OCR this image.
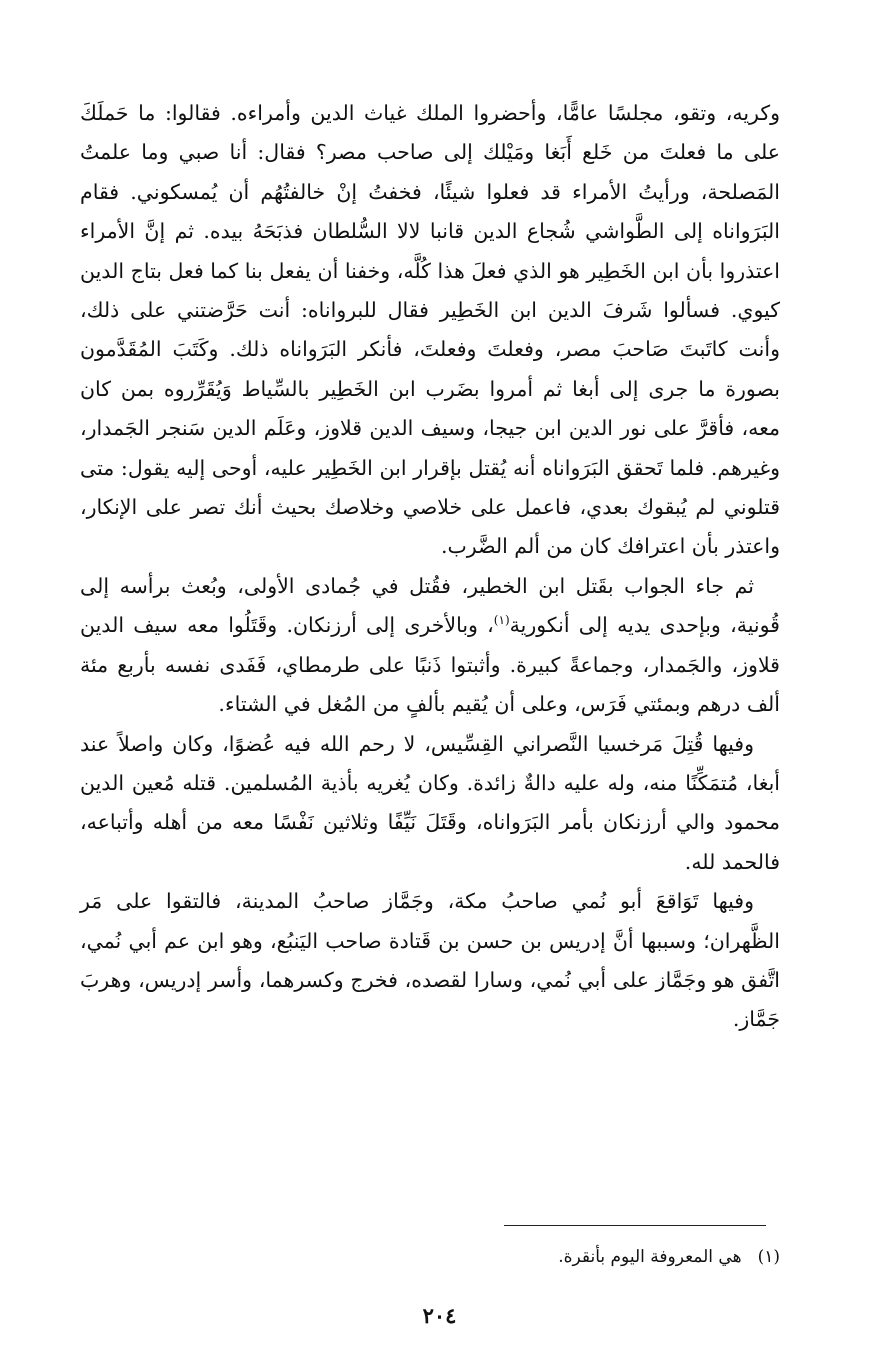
وكريه، وتقو، مجلسًا عامًّا، وأحضروا الملك غياث الدين وأمراءه. فقالوا: ما حَملَكَ على ما فعلتَ من خَلع أَبَغا ومَيْلك إلى صاحب مصر؟ فقال: أنا صبي وما علمتُ المَصلحة، ورأيتُ الأمراء قد فعلوا شيئًا، فخفتُ إنْ خالفتُهُم أن يُمسكوني. فقام البَرَواناه إلى الطَّواشي شُجاع الدين قانبا لالا السُّلطان فذبَحَهُ بيده. ثم إنَّ الأمراء اعتذروا بأن ابن الخَطِير هو الذي فعلَ هذا كُلَّه، وخفنا أن يفعل بنا كما فعل بتاج الدين كيوي. فسألوا شَرفَ الدين ابن الخَطِير فقال للبرواناه: أنت حَرَّضتني على ذلك، وأنت كاتَبتَ صَاحبَ مصر، وفعلتَ وفعلتَ، فأنكر البَرَواناه ذلك. وكَتَبَ المُقَدَّمون بصورة ما جرى إلى أبغا ثم أمروا بضَرب ابن الخَطِير بالسِّياط وَيُقَرِّروه بمن كان معه، فأقرَّ على نور الدين ابن جيجا، وسيف الدين قلاوز، وعَلَم الدين سَنجر الجَمدار، وغيرهم. فلما تَحقق البَرَواناه أنه يُقتل بإقرار ابن الخَطِير عليه، أوحى إليه يقول: متى قتلوني لم يُبقوك بعدي، فاعمل على خلاصي وخلاصك بحيث أنك تصر على الإنكار، واعتذر بأن اعترافك كان من ألم الضَّرب.

ثم جاء الجواب بقَتل ابن الخطير، فقُتل في جُمادى الأولى، وبُعث برأسه إلى قُونية، وبإحدى يديه إلى أنكورية$^{(١)}$، وبالأخرى إلى أرزنكان. وقَتَلُوا معه سيف الدين قلاوز، والجَمدار، وجماعةً كبيرة. وأثبتوا ذَنبًا على طرمطاي، فَفَدى نفسه بأربع مئة ألف درهم وبمئتي فَرَس، وعلى أن يُقيم بألفٍ من المُغل في الشتاء.

وفيها قُتِلَ مَرخسيا النَّصراني القِسِّيس، لا رحم الله فيه عُضوًا، وكان واصلاً عند أبغا، مُتمَكِّنًا منه، وله عليه دالةٌ زائدة. وكان يُغريه بأذية المُسلمين. قتله مُعين الدين محمود والي أرزنكان بأمر البَرَواناه، وقَتَلَ نَيِّفًا وثلاثين نَفْسًا معه من أهله وأتباعه، فالحمد لله.

وفيها تَوَاقعَ أبو نُمي صاحبُ مكة، وجَمَّاز صاحبُ المدينة، فالتقوا على مَر الظَّهران؛ وسببها أنَّ إدريس بن حسن بن قَتادة صاحب اليَنبُع، وهو ابن عم أبي نُمي، اتَّفق هو وجَمَّاز على أبي نُمي، وسارا لقصده، فخرج وكسرهما، وأسر إدريس، وهربَ جَمَّاز.

(١)هي المعروفة اليوم بأنقرة.
٢٠٤
